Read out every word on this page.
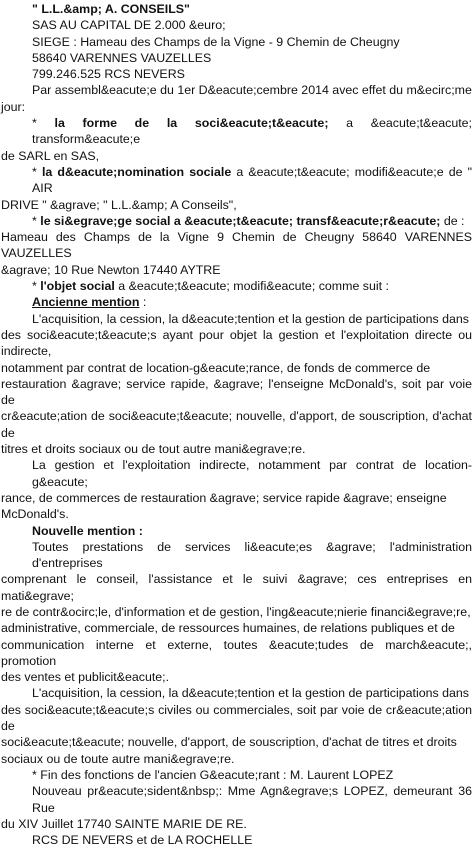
" L.L.&amp; A. CONSEILS"
SAS AU CAPITAL DE 2.000 &euro;
SIEGE : Hameau des Champs de la Vigne - 9 Chemin de Cheugny
58640 VARENNES VAUZELLES
799.246.525 RCS NEVERS
Par assembl&eacute;e du 1er D&eacute;cembre 2014 avec effet du m&ecirc;me
jour:
* la forme de la soci&eacute;t&eacute; a &eacute;t&eacute; transform&eacute;e
de SARL en SAS,
* la d&eacute;nomination sociale a &eacute;t&eacute; modifi&eacute;e de " AIR
DRIVE " &agrave; " L.L.&amp; A Conseils",
* le si&egrave;ge social a &eacute;t&eacute; transf&eacute;r&eacute; de :
Hameau des Champs de la Vigne 9 Chemin de Cheugny 58640 VARENNES VAUZELLES
&agrave; 10 Rue Newton 17440 AYTRE
* l'objet social a &eacute;t&eacute; modifi&eacute; comme suit :
Ancienne mention :
L'acquisition, la cession, la d&eacute;tention et la gestion de participations dans
des soci&eacute;t&eacute;s ayant pour objet la gestion et l'exploitation directe ou indirecte,
notamment par contrat de location-g&eacute;rance, de fonds de commerce de
restauration &agrave; service rapide, &agrave; l'enseigne McDonald's, soit par voie de
cr&eacute;ation de soci&eacute;t&eacute; nouvelle, d'apport, de souscription, d'achat de
titres et droits sociaux ou de tout autre mani&egrave;re.
La gestion et l'exploitation indirecte, notamment par contrat de location-g&eacute;
rance, de commerces de restauration &agrave; service rapide &agrave; enseigne
McDonald's.
Nouvelle mention :
Toutes prestations de services li&eacute;es &agrave; l'administration d'entreprises
comprenant le conseil, l'assistance et le suivi &agrave; ces entreprises en mati&egrave;
re de contr&ocirc;le, d'information et de gestion, l'ing&eacute;nierie financi&egrave;re,
administrative, commerciale, de ressources humaines, de relations publiques et de
communication interne et externe, toutes &eacute;tudes de march&eacute;, promotion
des ventes et publicit&eacute;.
L'acquisition, la cession, la d&eacute;tention et la gestion de participations dans
des soci&eacute;t&eacute;s civiles ou commerciales, soit par voie de cr&eacute;ation de
soci&eacute;t&eacute; nouvelle, d'apport, de souscription, d'achat de titres et droits
sociaux ou de toute autre mani&egrave;re.
* Fin des fonctions de l'ancien G&eacute;rant : M. Laurent LOPEZ
Nouveau pr&eacute;sident&nbsp;: Mme Agn&egrave;s LOPEZ, demeurant 36 Rue
du XIV Juillet 17740 SAINTE MARIE DE RE.
RCS DE NEVERS et de LA ROCHELLE
